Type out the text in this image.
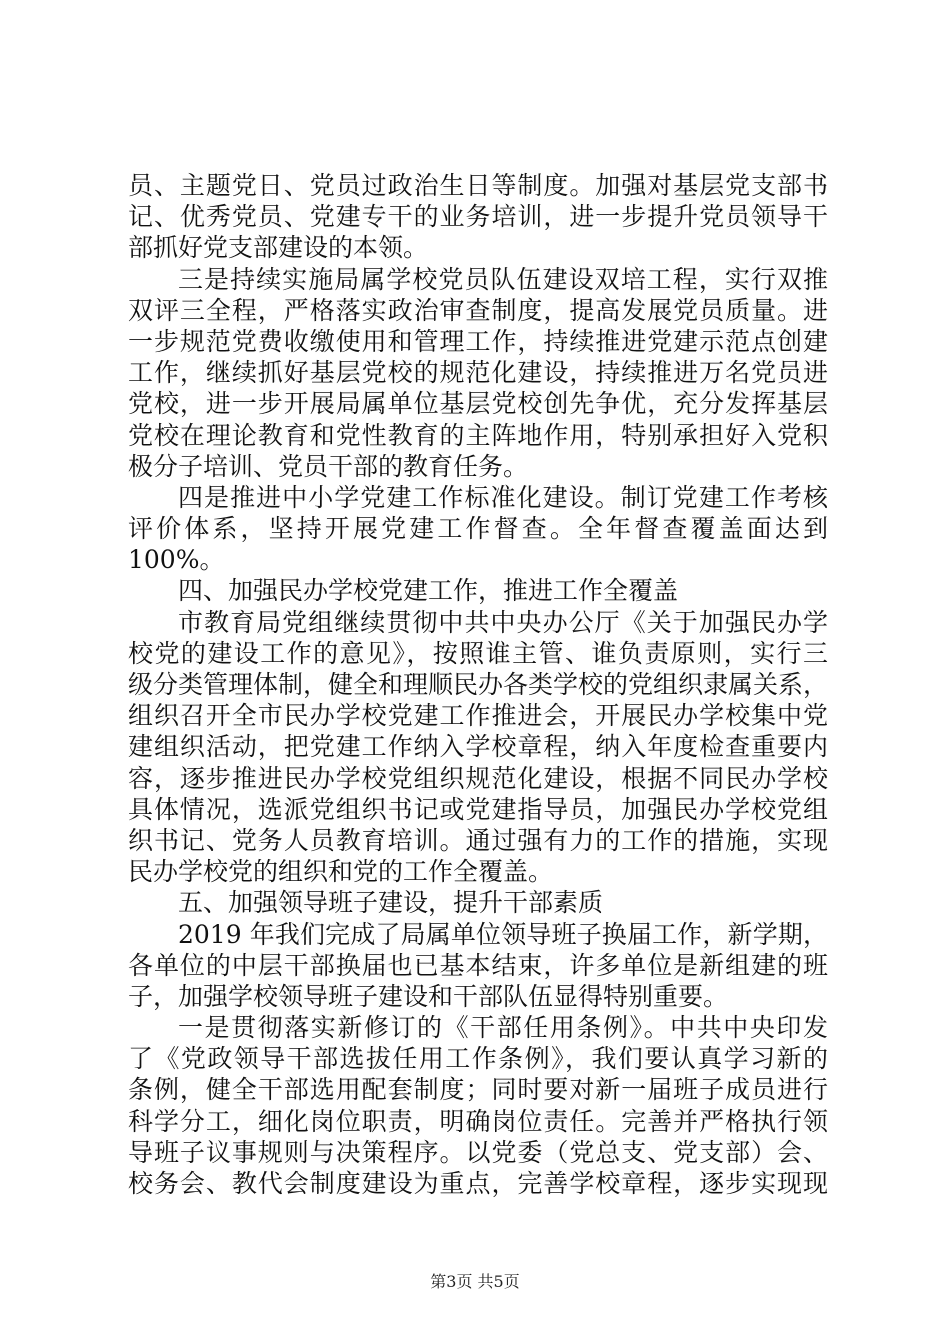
员、主题党日、党员过政治生日等制度。加强对基层党支部书
记、优秀党员、党建专干的业务培训，进一步提升党员领导干
部抓好党支部建设的本领。
三是持续实施局属学校党员队伍建设双培工程，实行双推
双评三全程，严格落实政治审查制度，提高发展党员质量。进
一步规范党费收缴使用和管理工作，持续推进党建示范点创建
工作，继续抓好基层党校的规范化建设，持续推进万名党员进
党校，进一步开展局属单位基层党校创先争优，充分发挥基层
党校在理论教育和党性教育的主阵地作用，特别承担好入党积
极分子培训、党员干部的教育任务。
四是推进中小学党建工作标准化建设。制订党建工作考核
评价体系，坚持开展党建工作督查。全年督查覆盖面达到
100%。
四、加强民办学校党建工作，推进工作全覆盖
市教育局党组继续贯彻中共中央办公厅《关于加强民办学
校党的建设工作的意见》，按照谁主管、谁负责原则，实行三
级分类管理体制，健全和理顺民办各类学校的党组织隶属关系，
组织召开全市民办学校党建工作推进会，开展民办学校集中党
建组织活动，把党建工作纳入学校章程，纳入年度检查重要内
容，逐步推进民办学校党组织规范化建设，根据不同民办学校
具体情况，选派党组织书记或党建指导员，加强民办学校党组
织书记、党务人员教育培训。通过强有力的工作的措施，实现
民办学校党的组织和党的工作全覆盖。
五、加强领导班子建设，提升干部素质
2019 年我们完成了局属单位领导班子换届工作，新学期，
各单位的中层干部换届也已基本结束，许多单位是新组建的班
子，加强学校领导班子建设和干部队伍显得特别重要。
一是贯彻落实新修订的《干部任用条例》。中共中央印发
了《党政领导干部选拔任用工作条例》，我们要认真学习新的
条例，健全干部选用配套制度；同时要对新一届班子成员进行
科学分工，细化岗位职责，明确岗位责任。完善并严格执行领
导班子议事规则与决策程序。以党委（党总支、党支部）会、
校务会、教代会制度建设为重点，完善学校章程，逐步实现现
第3页 共5页
